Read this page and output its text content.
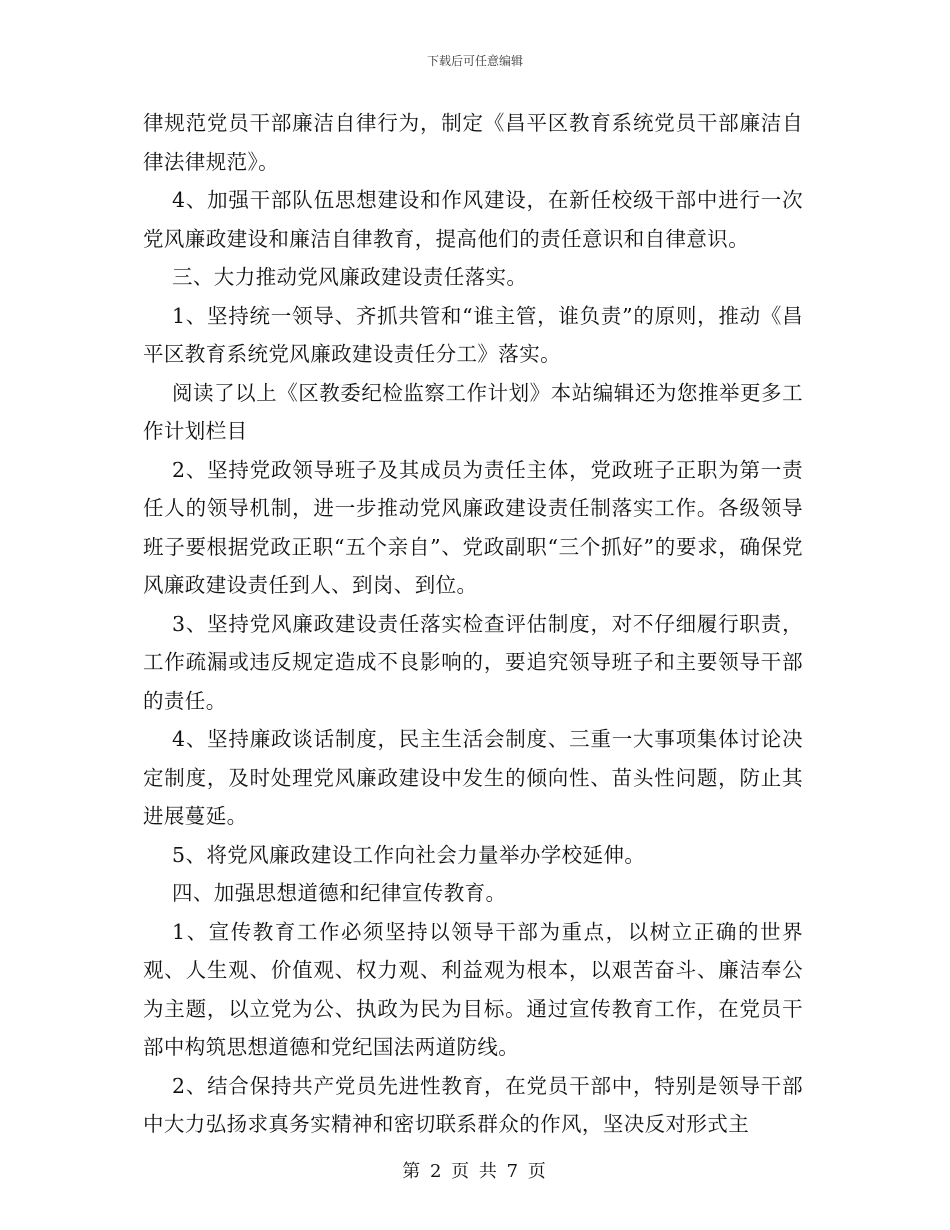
下载后可任意编辑

律规范党员干部廉洁自律行为，制定《昌平区教育系统党员干部廉洁自律法律规范》。

4、加强干部队伍思想建设和作风建设，在新任校级干部中进行一次党风廉政建设和廉洁自律教育，提高他们的责任意识和自律意识。

三、大力推动党风廉政建设责任落实。

1、坚持统一领导、齐抓共管和“谁主管，谁负责”的原则，推动《昌平区教育系统党风廉政建设责任分工》落实。

阅读了以上《区教委纪检监察工作计划》本站编辑还为您推举更多工作计划栏目

2、坚持党政领导班子及其成员为责任主体，党政班子正职为第一责任人的领导机制，进一步推动党风廉政建设责任制落实工作。各级领导班子要根据党政正职“五个亲自”、党政副职“三个抓好”的要求，确保党风廉政建设责任到人、到岗、到位。

3、坚持党风廉政建设责任落实检查评估制度，对不仔细履行职责，工作疏漏或违反规定造成不良影响的，要追究领导班子和主要领导干部的责任。

4、坚持廉政谈话制度，民主生活会制度、三重一大事项集体讨论决定制度，及时处理党风廉政建设中发生的倾向性、苗头性问题，防止其进展蔓延。

5、将党风廉政建设工作向社会力量举办学校延伸。

四、加强思想道德和纪律宣传教育。

1、宣传教育工作必须坚持以领导干部为重点，以树立正确的世界观、人生观、价值观、权力观、利益观为根本，以艰苦奋斗、廉洁奉公为主题，以立党为公、执政为民为目标。通过宣传教育工作，在党员干部中构筑思想道德和党纪国法两道防线。

2、结合保持共产党员先进性教育，在党员干部中，特别是领导干部中大力弘扬求真务实精神和密切联系群众的作风，坚决反对形式主

第 2 页 共 7 页
